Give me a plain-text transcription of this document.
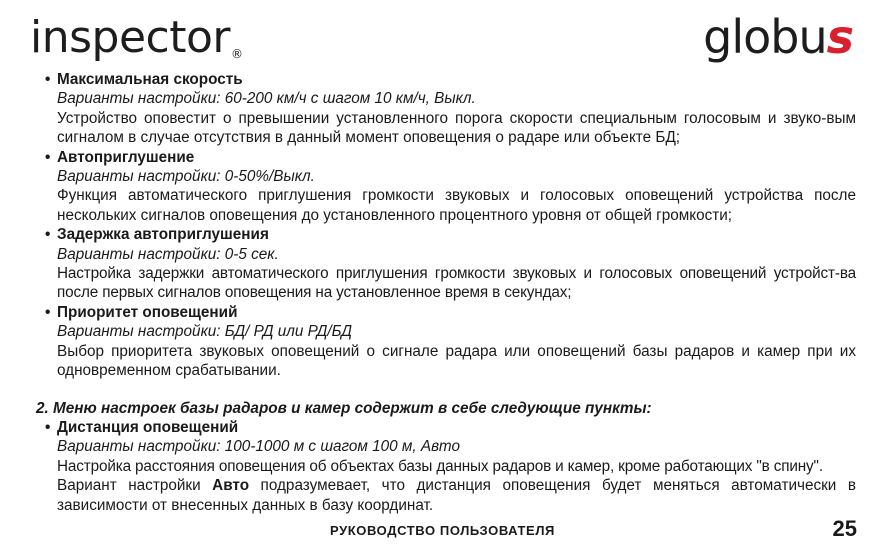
inspector®	globus
• Максимальная скорость
Варианты настройки: 60-200 км/ч с шагом 10 км/ч, Выкл.
Устройство оповестит о превышении установленного порога скорости специальным голосовым и звуко-вым сигналом в случае отсутствия в данный момент оповещения о радаре или объекте БД;
• Автоприглушение
Варианты настройки: 0-50%/Выкл.
Функция автоматического приглушения громкости звуковых и голосовых оповещений устройства после нескольких сигналов оповещения до установленного процентного уровня от общей громкости;
• Задержка автоприглушения
Варианты настройки: 0-5 сек.
Настройка задержки автоматического приглушения громкости звуковых и голосовых оповещений устройст-ва после первых сигналов оповещения на установленное время в секундах;
• Приоритет оповещений
Варианты настройки: БД/ РД или РД/БД
Выбор приоритета звуковых оповещений о сигнале радара или оповещений базы радаров и камер при их одновременном срабатывании.
2. Меню настроек базы радаров и камер содержит в себе следующие пункты:
• Дистанция оповещений
Варианты настройки: 100-1000 м с шагом 100 м, Авто
Настройка расстояния оповещения об объектах базы данных радаров и камер, кроме работающих "в спину".
Вариант настройки Авто подразумевает, что дистанция оповещения будет меняться автоматически в зависимости от внесенных данных в базу координат.
РУКОВОДСТВО ПОЛЬЗОВАТЕЛЯ	25
